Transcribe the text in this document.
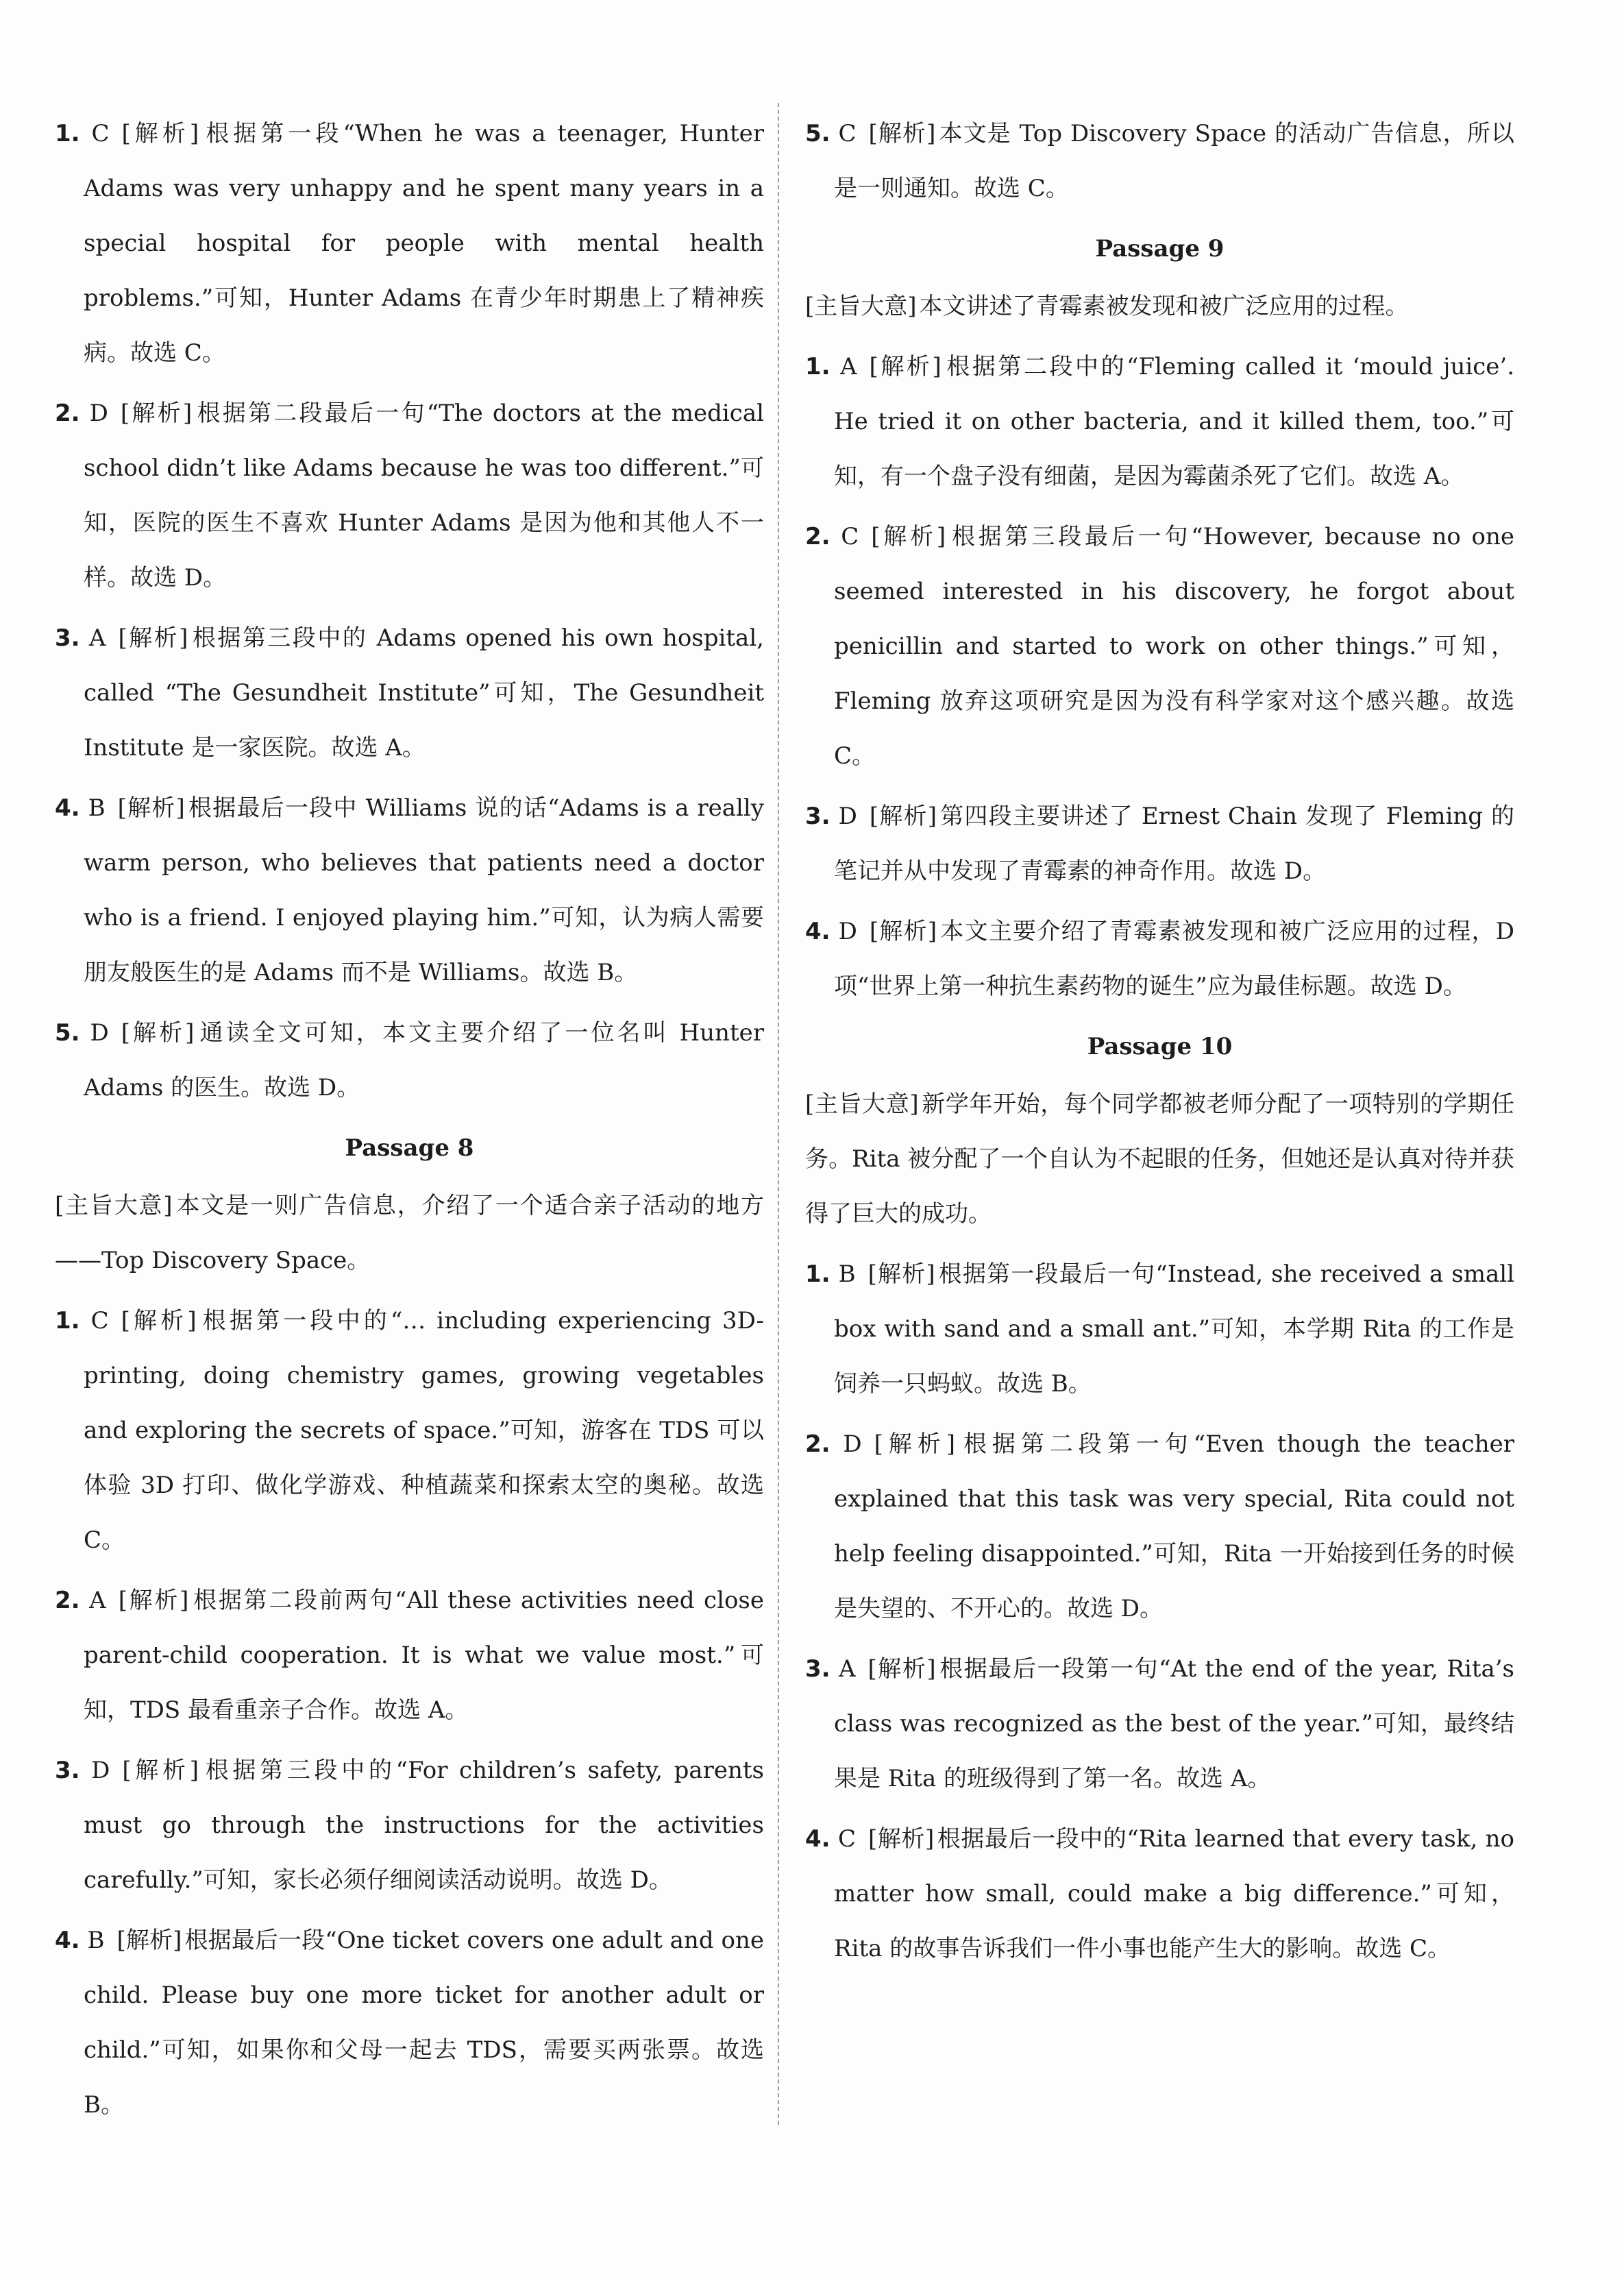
1. C [解析] 根据第一段“When he was a teenager, Hunter Adams was very unhappy and he spent many years in a special hospital for people with mental health problems.”可知，Hunter Adams 在青少年时期患上了精神疾病。故选 C。
2. D [解析] 根据第二段最后一句“The doctors at the medical school didn’t like Adams because he was too different.”可知，医院的医生不喜欢 Hunter Adams 是因为他和其他人不一样。故选 D。
3. A [解析] 根据第三段中的 Adams opened his own hospital, called “The Gesundheit Institute”可知，The Gesundheit Institute 是一家医院。故选 A。
4. B [解析] 根据最后一段中 Williams 说的话“Adams is a really warm person, who believes that patients need a doctor who is a friend. I enjoyed playing him.”可知，认为病人需要朋友般医生的是 Adams 而不是 Williams。故选 B。
5. D [解析] 通读全文可知，本文主要介绍了一位名叫 Hunter Adams 的医生。故选 D。
Passage 8
[主旨大意] 本文是一则广告信息，介绍了一个适合亲子活动的地方——Top Discovery Space。
1. C [解析] 根据第一段中的“… including experiencing 3D-printing, doing chemistry games, growing vegetables and exploring the secrets of space.”可知，游客在 TDS 可以体验 3D 打印、做化学游戏、种植蔬菜和探索太空的奥秘。故选 C。
2. A [解析] 根据第二段前两句“All these activities need close parent-child cooperation. It is what we value most.”可知，TDS 最看重亲子合作。故选 A。
3. D [解析] 根据第三段中的“For children’s safety, parents must go through the instructions for the activities carefully.”可知，家长必须仔细阅读活动说明。故选 D。
4. B [解析] 根据最后一段“One ticket covers one adult and one child. Please buy one more ticket for another adult or child.”可知，如果你和父母一起去 TDS，需要买两张票。故选 B。
5. C [解析] 本文是 Top Discovery Space 的活动广告信息，所以是一则通知。故选 C。
Passage 9
[主旨大意] 本文讲述了青霉素被发现和被广泛应用的过程。
1. A [解析] 根据第二段中的“Fleming called it ‘mould juice’. He tried it on other bacteria, and it killed them, too.”可知，有一个盘子没有细菌，是因为霉菌杀死了它们。故选 A。
2. C [解析] 根据第三段最后一句“However, because no one seemed interested in his discovery, he forgot about penicillin and started to work on other things.”可知，Fleming 放弃这项研究是因为没有科学家对这个感兴趣。故选 C。
3. D [解析] 第四段主要讲述了 Ernest Chain 发现了 Fleming 的笔记并从中发现了青霉素的神奇作用。故选 D。
4. D [解析] 本文主要介绍了青霉素被发现和被广泛应用的过程，D 项“世界上第一种抗生素药物的诞生”应为最佳标题。故选 D。
Passage 10
[主旨大意] 新学年开始，每个同学都被老师分配了一项特别的学期任务。Rita 被分配了一个自认为不起眼的任务，但她还是认真对待并获得了巨大的成功。
1. B [解析] 根据第一段最后一句“Instead, she received a small box with sand and a small ant.”可知，本学期 Rita 的工作是饲养一只蚂蚁。故选 B。
2. D [解析] 根据第二段第一句“Even though the teacher explained that this task was very special, Rita could not help feeling disappointed.”可知，Rita 一开始接到任务的时候是失望的、不开心的。故选 D。
3. A [解析] 根据最后一段第一句“At the end of the year, Rita’s class was recognized as the best of the year.”可知，最终结果是 Rita 的班级得到了第一名。故选 A。
4. C [解析] 根据最后一段中的“Rita learned that every task, no matter how small, could make a big difference.”可知，Rita 的故事告诉我们一件小事也能产生大的影响。故选 C。
